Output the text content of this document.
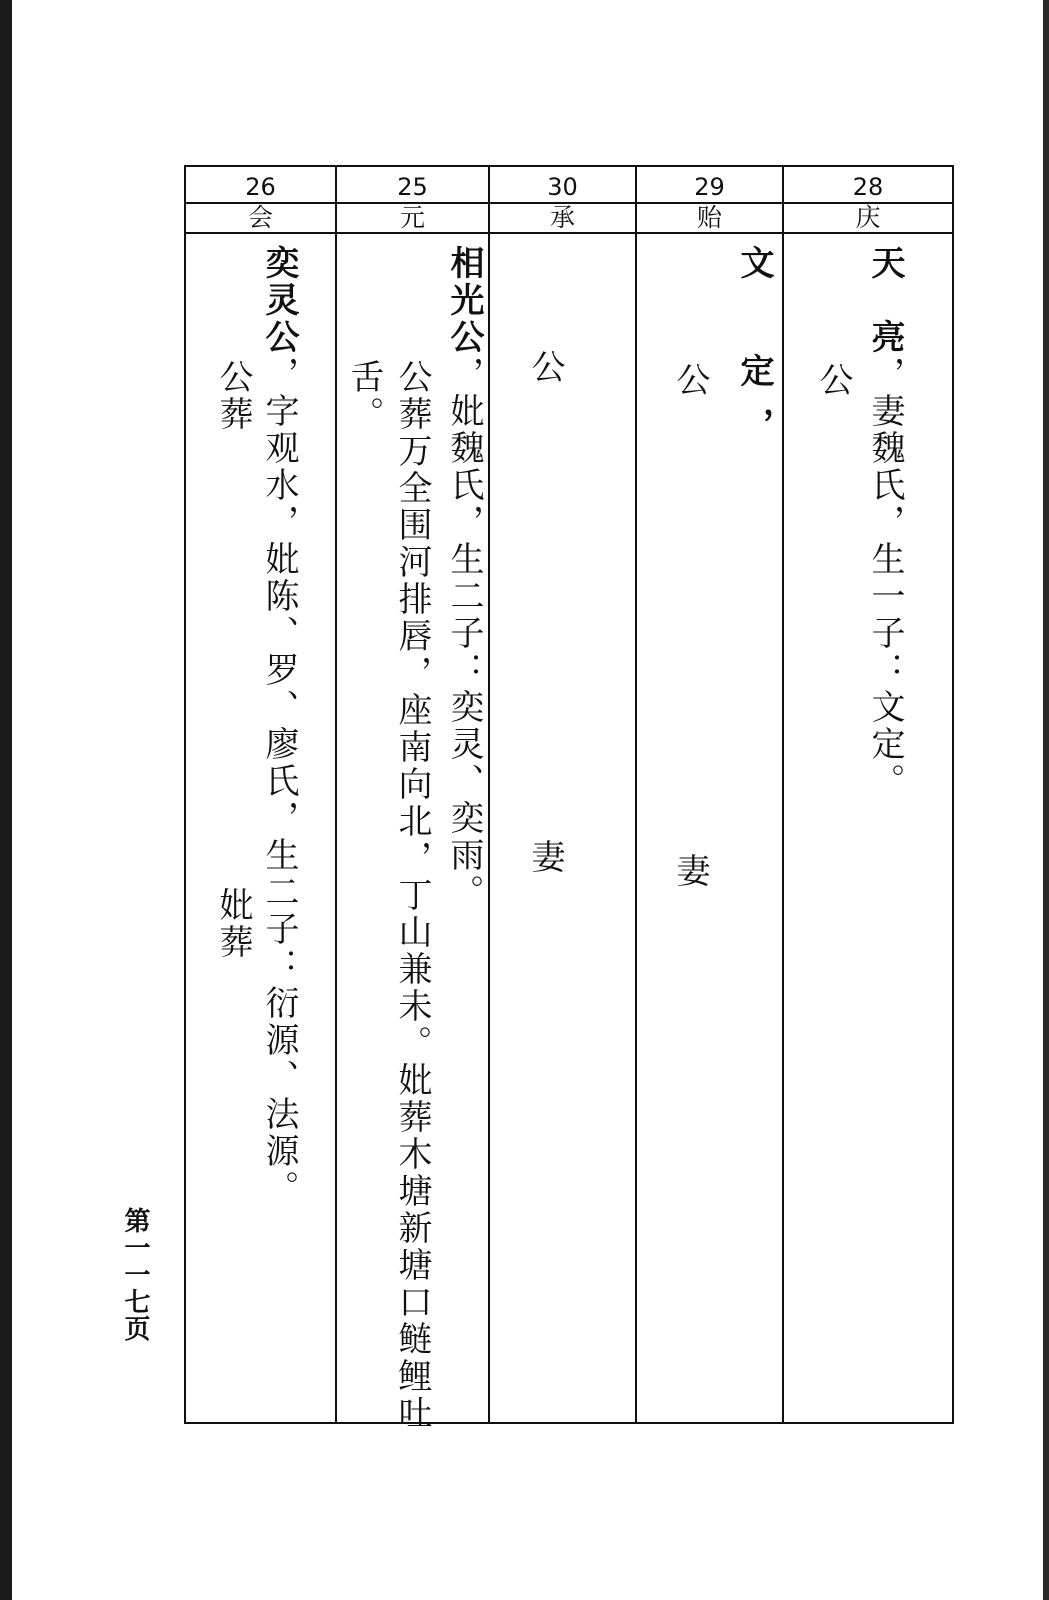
26
会
奕灵公，字观水，妣陈、罗、廖氏，生二子：衍源、法源。
公葬
妣葬
25
元
相光公，妣魏氏，生二子：奕灵、奕雨。
公葬万全围河排唇，座南向北，丁山兼未。妣葬木塘新塘口鲢鲤吐
舌。
30
承
公
妻
29
贻
文　定，
公
妻
28
庆
天　亮，妻魏氏，生一子：文定。
公
第一一七页
